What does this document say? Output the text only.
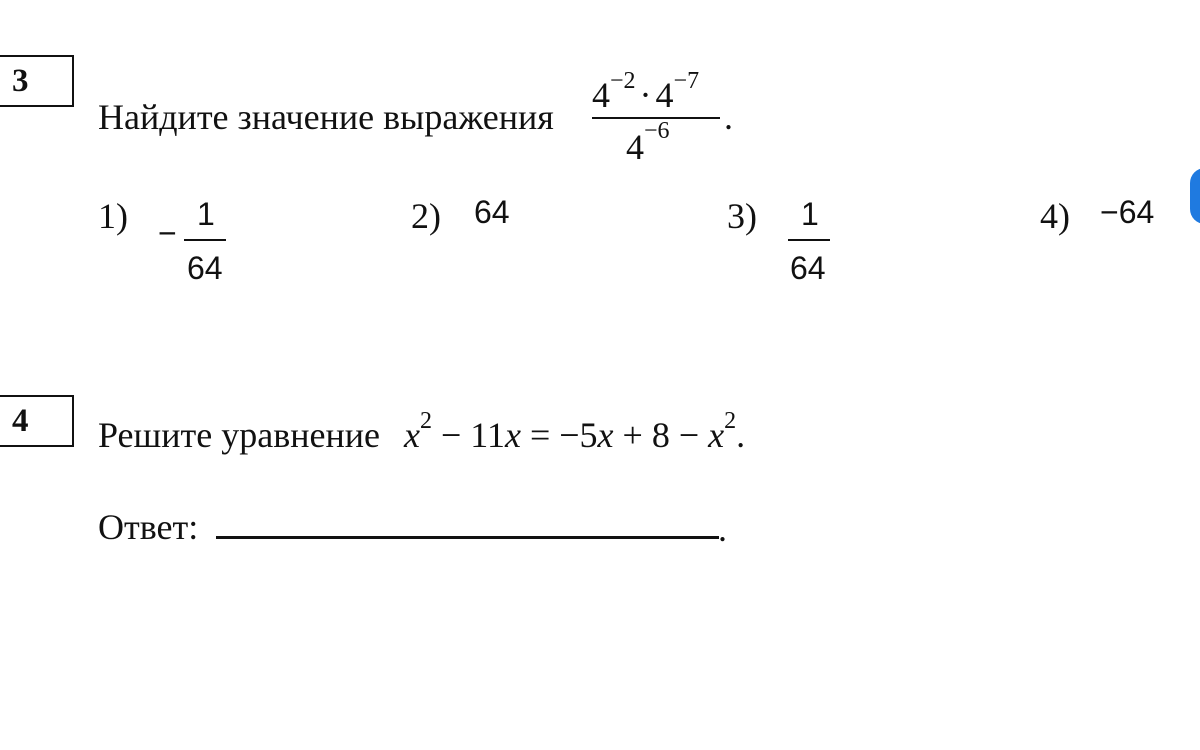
3
Найдите значение выражения
$4^{-2} \cdot 4^{-7}$
$4^{-6}$ .
1) −
1
64
2) 64	3) 1
64
4) −64
4 Решите уравнение $x^2 - 11x = -5x + 8 - x^2$.
Ответ:	.
